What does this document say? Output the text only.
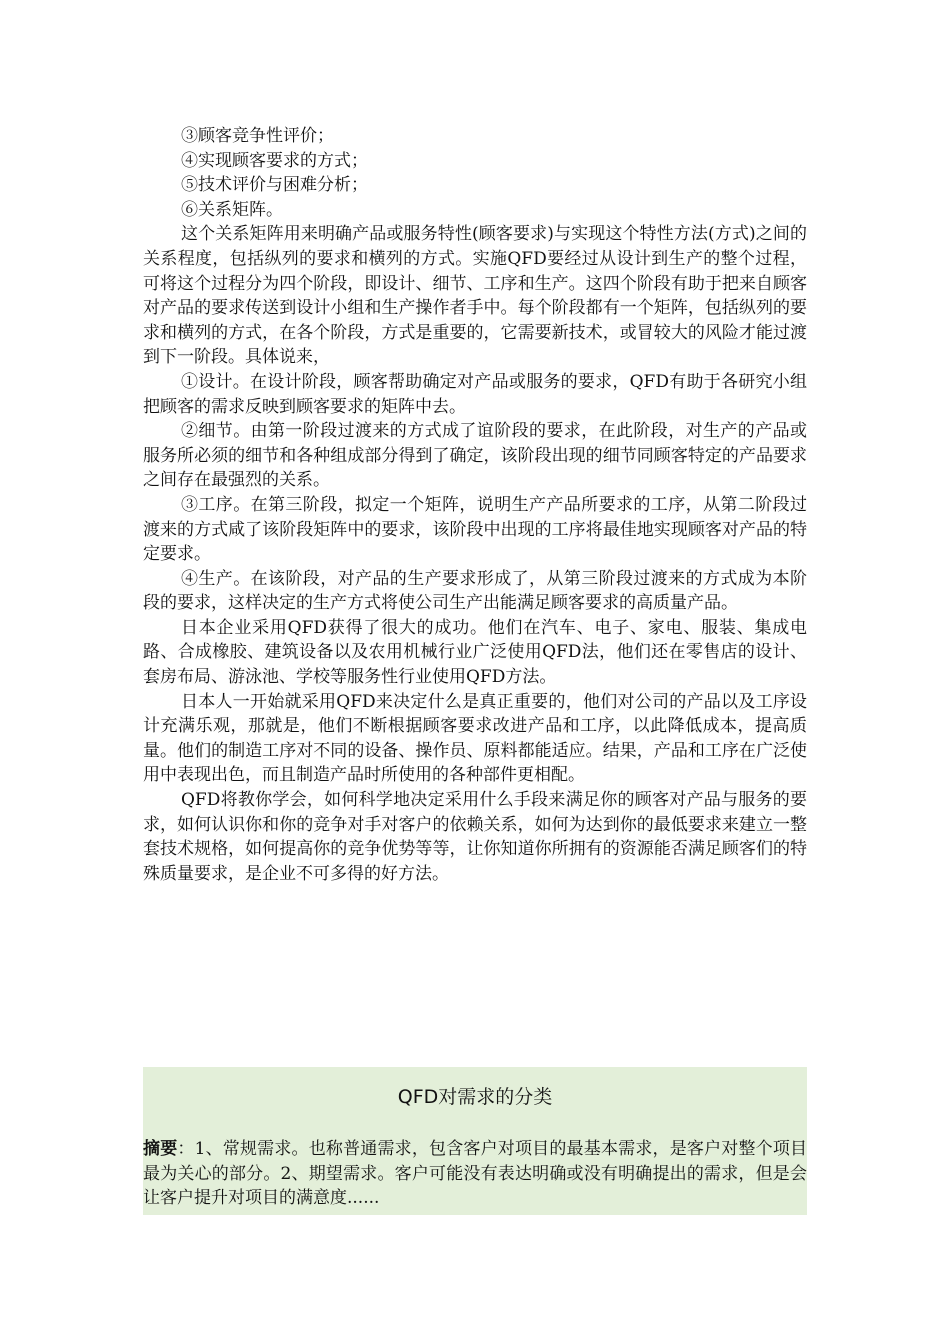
③顾客竞争性评价；

④实现顾客要求的方式；

⑤技术评价与困难分析；

⑥关系矩阵。

这个关系矩阵用来明确产品或服务特性(顾客要求)与实现这个特性方法(方式)之间的关系程度，包括纵列的要求和横列的方式。实施QFD要经过从设计到生产的整个过程，可将这个过程分为四个阶段，即设计、细节、工序和生产。这四个阶段有助于把来自顾客对产品的要求传送到设计小组和生产操作者手中。每个阶段都有一个矩阵，包括纵列的要求和横列的方式，在各个阶段，方式是重要的，它需要新技术，或冒较大的风险才能过渡到下一阶段。具体说来，

①设计。在设计阶段，顾客帮助确定对产品或服务的要求，QFD有助于各研究小组把顾客的需求反映到顾客要求的矩阵中去。

②细节。由第一阶段过渡来的方式成了谊阶段的要求，在此阶段，对生产的产品或服务所必须的细节和各种组成部分得到了确定，该阶段出现的细节同顾客特定的产品要求之间存在最强烈的关系。

③工序。在第三阶段，拟定一个矩阵，说明生产产品所要求的工序，从第二阶段过渡来的方式咸了该阶段矩阵中的要求，该阶段中出现的工序将最佳地实现顾客对产品的特定要求。

④生产。在该阶段，对产品的生产要求形成了，从第三阶段过渡来的方式成为本阶段的要求，这样决定的生产方式将使公司生产出能满足顾客要求的高质量产品。

日本企业采用QFD获得了很大的成功。他们在汽车、电子、家电、服装、集成电路、合成橡胶、建筑设备以及农用机械行业广泛使用QFD法，他们还在零售店的设计、套房布局、游泳池、学校等服务性行业使用QFD方法。

日本人一开始就采用QFD来决定什么是真正重要的，他们对公司的产品以及工序设计充满乐观，那就是，他们不断根据顾客要求改进产品和工序，以此降低成本，提高质量。他们的制造工序对不同的设备、操作员、原料都能适应。结果，产品和工序在广泛使用中表现出色，而且制造产品时所使用的各种部件更相配。

QFD将教你学会，如何科学地决定采用什么手段来满足你的顾客对产品与服务的要求，如何认识你和你的竞争对手对客户的依赖关系，如何为达到你的最低要求来建立一整套技术规格，如何提高你的竞争优势等等，让你知道你所拥有的资源能否满足顾客们的特殊质量要求，是企业不可多得的好方法。

QFD对需求的分类

摘要：1、常规需求。也称普通需求，包含客户对项目的最基本需求，是客户对整个项目最为关心的部分。2、期望需求。客户可能没有表达明确或没有明确提出的需求，但是会让客户提升对项目的满意度......
